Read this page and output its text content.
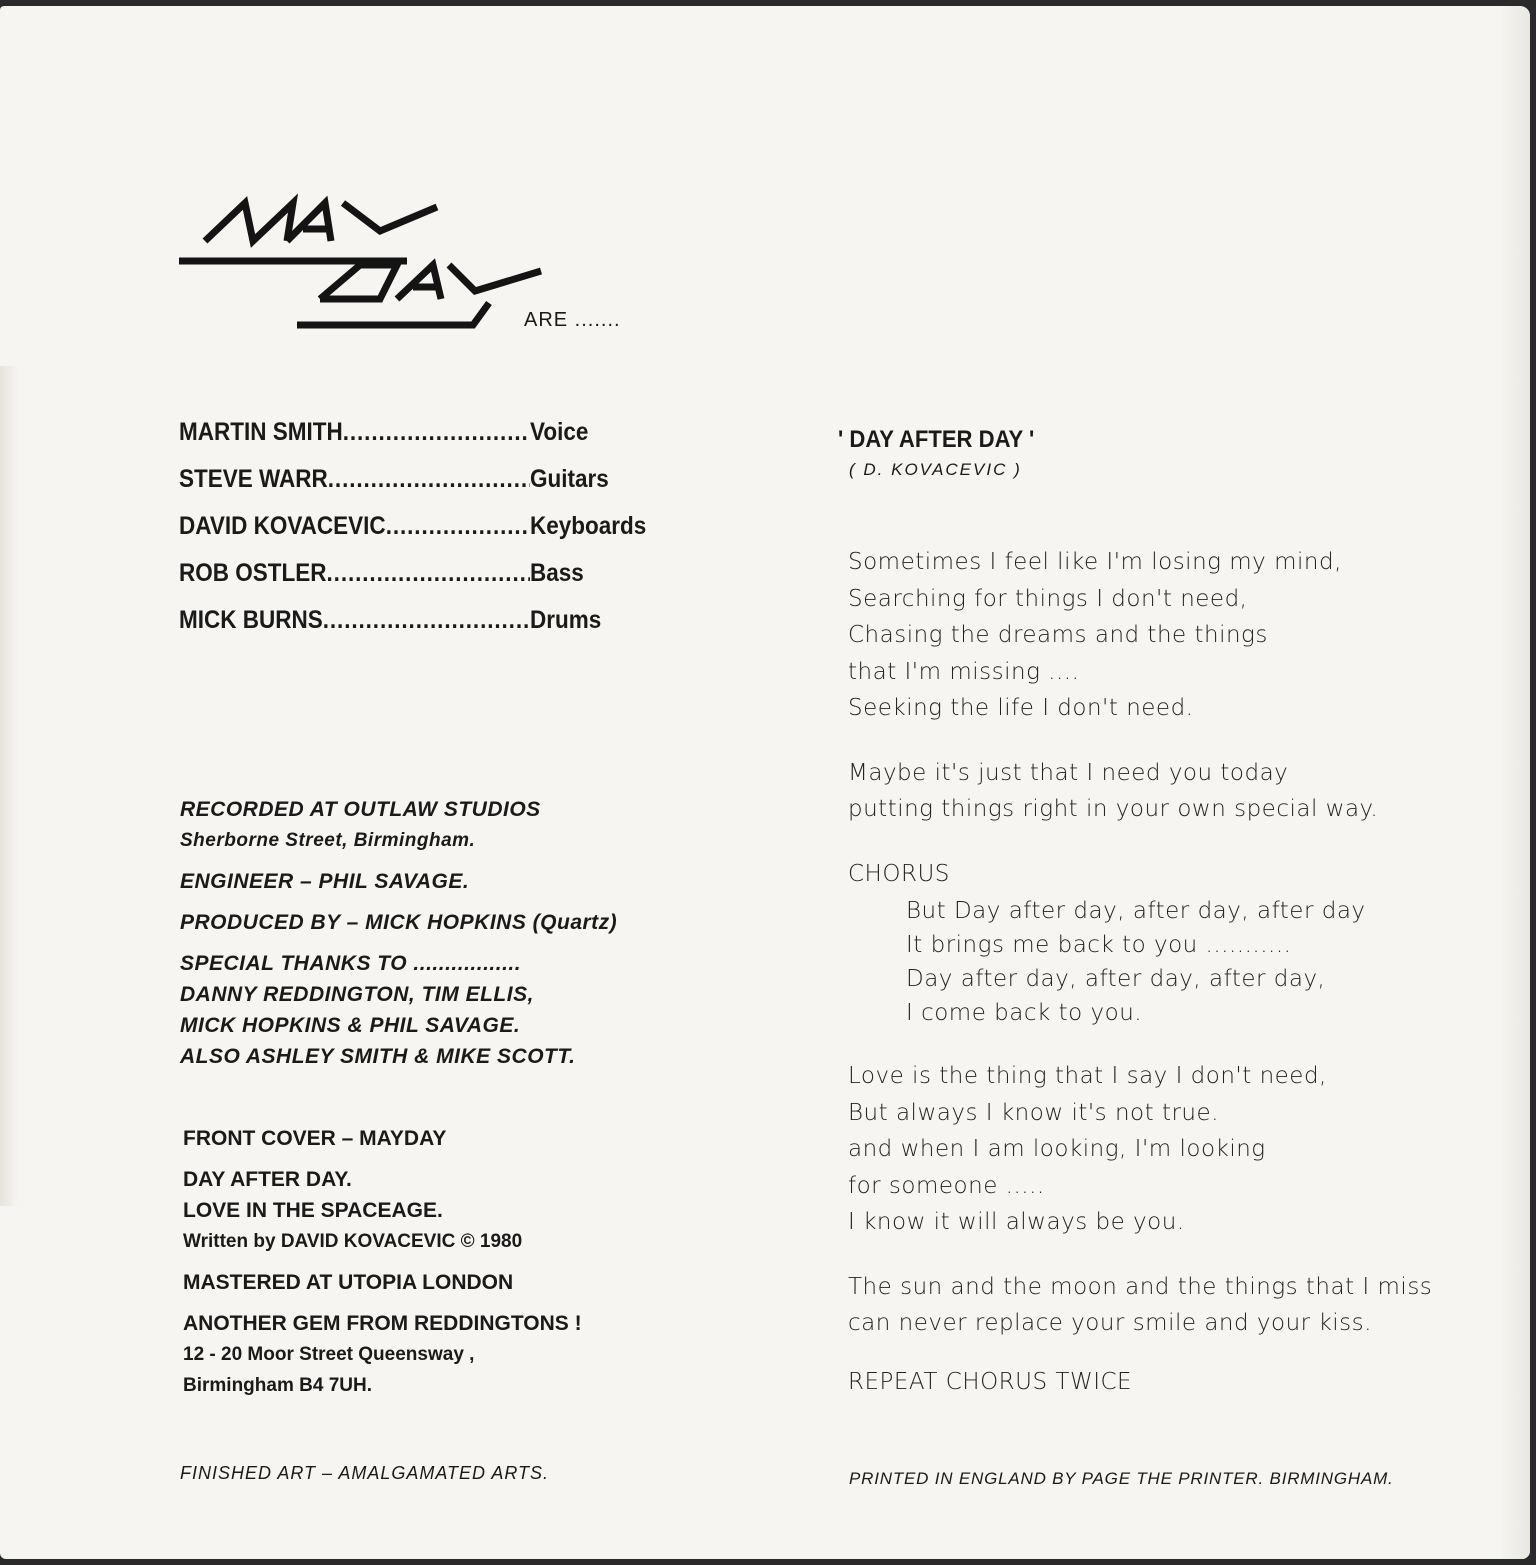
ARE .......
MARTIN SMITH .....	Voice
STEVE WARR .....	Guitars
DAVID KOVACEVIC .....	Keyboards
ROB OSTLER .....	Bass
MICK BURNS .....	Drums

RECORDED AT OUTLAW STUDIOS

Sherborne Street, Birmingham.

ENGINEER – PHIL SAVAGE.

PRODUCED BY – MICK HOPKINS (Quartz)

SPECIAL THANKS TO .................

DANNY REDDINGTON, TIM ELLIS,

MICK HOPKINS & PHIL SAVAGE.

ALSO ASHLEY SMITH & MIKE SCOTT.

FRONT COVER – MAYDAY

DAY AFTER DAY.

LOVE IN THE SPACEAGE.

Written by DAVID KOVACEVIC © 1980

MASTERED AT UTOPIA LONDON

ANOTHER GEM FROM REDDINGTONS !

12 - 20 Moor Street Queensway ,

Birmingham B4 7UH.

FINISHED ART – AMALGAMATED ARTS.
' DAY AFTER DAY '
( D. KOVACEVIC )
Sometimes I feel like I'm losing my mind,
Searching for things I don't need,
Chasing the dreams and the things
that I'm missing ....
Seeking the life I don't need.
Maybe it's just that I need you today
putting things right in your own special way.
CHORUS
But Day after day, after day, after day
It brings me back to you ...........
Day after day, after day, after day,
I come back to you.
Love is the thing that I say I don't need,
But always I know it's not true.
and when I am looking, I'm looking
for someone .....
I know it will always be you.
The sun and the moon and the things that I miss
can never replace your smile and your kiss.
REPEAT CHORUS TWICE
PRINTED IN ENGLAND BY PAGE THE PRINTER. BIRMINGHAM.
